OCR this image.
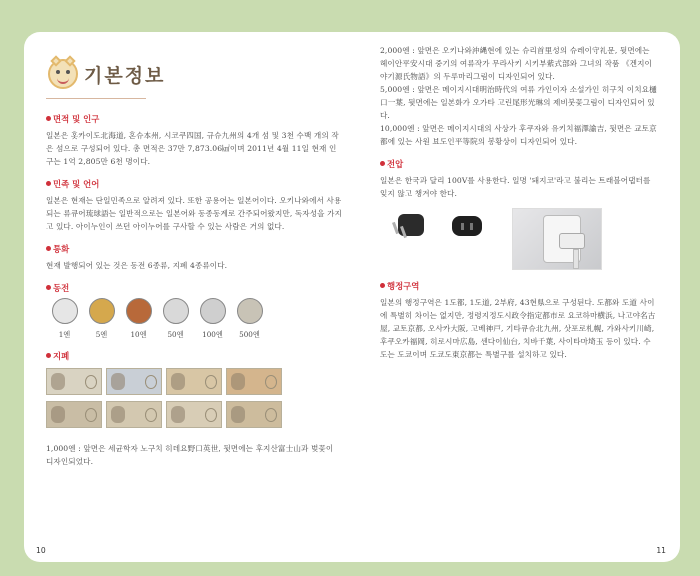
기본정보
면적 및 인구

일본은 홋카이도北海道, 혼슈本州, 시코쿠四国, 규슈九州의 4개 섬 및 3천 수백 개의 작은 섬으로 구성되어 있다. 총 면적은 37만 7,873.06㎢이며 2011년 4월 11일 현재 인구는 1억 2,805만 6천 명이다.

민족 및 언어

일본은 현재는 단일민족으로 알려져 있다. 또한 공용어는 일본어이다. 오키나와에서 사용되는 류큐어琉球語는 일반적으로는 일본어와 동종동계로 간주되어왔지만, 독자성을 가지고 있다. 아이누인이 쓰던 아이누어를 구사할 수 있는 사람은 거의 없다.

통화

현재 발행되어 있는 것은 동전 6종류, 지폐 4종류이다.

동전
1엔	5엔	10엔	50엔	100엔	500엔
지폐

1,000엔 : 앞면은 세균학자 노구치 히데요野口英世, 뒷면에는 후지산富士山과 벚꽃이 디자인되었다.

2,000엔 : 앞면은 오키나와沖縄현에 있는 슈리首里성의 슈레이守礼문, 뒷면에는 헤이안平安시대 중기의 여류작가 무라사키 시키부紫式部와 그녀의 작품 《겐지이야기源氏物語》의 두루마리그림이 디자인되어 있다.

5,000엔 : 앞면은 메이지시대明治時代의 여류 가인이자 소설가인 히구치 이치요樋口一葉, 뒷면에는 일본화가 오가타 고린尾形光琳의 제비붓꽃그림이 디자인되어 있다.

10,000엔 : 앞면은 메이지시대의 사상가 후쿠자와 유키치福澤諭吉, 뒷면은 교토京都에 있는 사원 뵤도인平等院의 봉황상이 디자인되어 있다.

전압

일본은 한국과 달리 100V를 사용한다. 일명 '돼지코'라고 불리는 트래블어댑터를 잊지 않고 챙겨야 한다.

행정구역

일본의 행정구역은 1도都, 1도道, 2부府, 43현県으로 구성된다. 도都와 도道 사이에 특별히 차이는 없지만, 정령지정도시政令指定都市로 요코하마横浜, 나고야名古屋, 교토京都, 오사카大阪, 고베神戸, 기타큐슈北九州, 삿포로札幌, 가와사키川崎, 후쿠오카福岡, 히로시마広島, 센다이仙台, 치바千葉, 사이타마埼玉 등이 있다. 수도는 도쿄이며 도쿄도東京都는 특별구를 설치하고 있다.

10	11
